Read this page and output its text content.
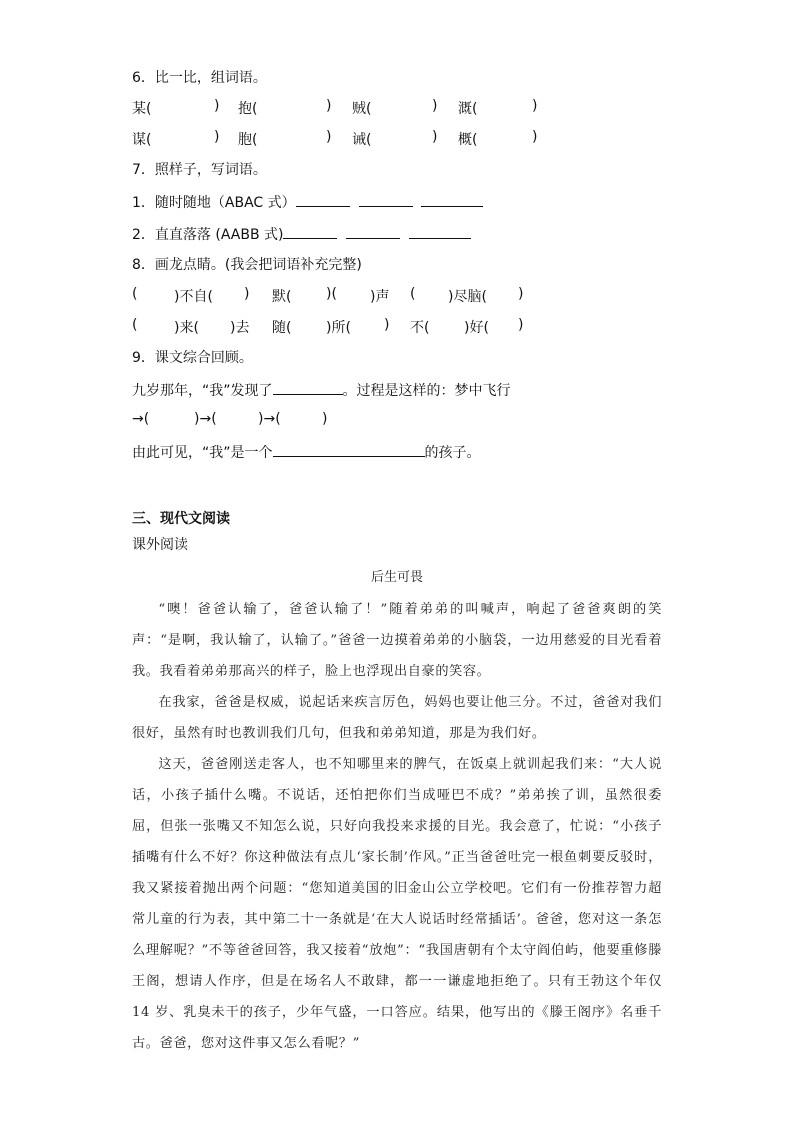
6．比一比，组词语。
某(	) 抱(	) 贼(	) 溉(	)
谋(	) 胞(	) 诫(	) 概(	)
7．照样子，写词语。
1．随时随地（ABAC 式）
2．直直落落 (AABB 式)
8．画龙点睛。(我会把词语补充完整)
(	)不自( ) 默( )( )声 ( )尽脑( )
(	)来( )去 随( )所( ) 不( )好( )
9．课文综合回顾。
九岁那年，“我”发现了	。过程是这样的：梦中飞行
→(	)→(	)→(	)
由此可见，“我”是一个	的孩子。
三、现代文阅读
课外阅读
后生可畏

“噢！爸爸认输了，爸爸认输了！”随着弟弟的叫喊声，响起了爸爸爽朗的笑声：“是啊，我认输了，认输了。”爸爸一边摸着弟弟的小脑袋，一边用慈爱的目光看着我。我看着弟弟那高兴的样子，脸上也浮现出自豪的笑容。

在我家，爸爸是权威，说起话来疾言厉色，妈妈也要让他三分。不过，爸爸对我们很好，虽然有时也教训我们几句，但我和弟弟知道，那是为我们好。

这天，爸爸刚送走客人，也不知哪里来的脾气，在饭桌上就训起我们来：“大人说话，小孩子插什么嘴。不说话，还怕把你们当成哑巴不成？”弟弟挨了训，虽然很委屈，但张一张嘴又不知怎么说，只好向我投来求援的目光。我会意了，忙说：“小孩子插嘴有什么不好？你这种做法有点儿‘家长制’作风。”正当爸爸吐完一根鱼刺要反驳时，我又紧接着抛出两个问题：“您知道美国的旧金山公立学校吧。它们有一份推荐智力超常儿童的行为表，其中第二十一条就是‘在大人说话时经常插话’。爸爸，您对这一条怎么理解呢？”不等爸爸回答，我又接着“放炮”：“我国唐朝有个太守阎伯屿，他要重修滕王阁，想请人作序，但是在场名人不敢肆，都一一谦虚地拒绝了。只有王勃这个年仅 14 岁、乳臭未干的孩子，少年气盛，一口答应。结果，他写出的《滕王阁序》名垂千古。爸爸，您对这件事又怎么看呢？”
